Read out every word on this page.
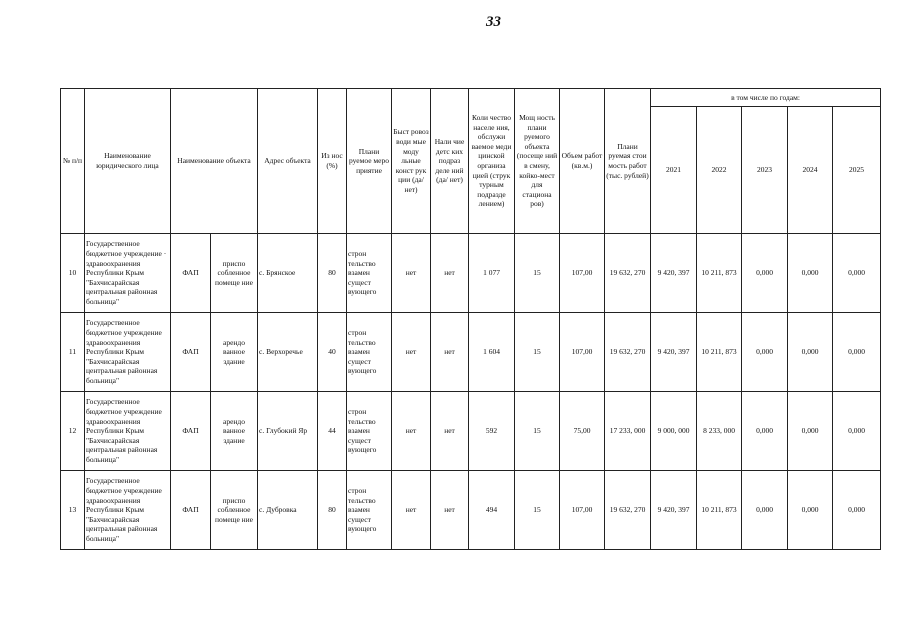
33
№ п/п	Наименование юридического лица	Наименование объекта		Адрес объекта	Из нос (%)	Плани руемое меро приятие	Быст ровоз води мые моду льные конст рук ции (да/ нет)	Нали чие детс ких подраз деле ний (да/ нет)	Коли чество населе ния, обслужи ваемое меди цинской организа цией (струк турным подразде лением)	Мощ ность плани руемого объекта (посеще ний в смену, койко-мест для стациона ров)	Объем работ (кв.м.)	Плани руемая стои мость работ (тыс. рублей)	в том числе по годам:				
													2021	2022	2023	2024	2025
10	Государственное бюджетное учреждение · здравоохранения Республики Крым "Бахчисарайская центральная районная больница"	ФАП	приспо собленное помеще ние	с. Брянское	80	строн тельство взамен сущест вующего	нет	нет	1 077	15	107,00	19 632, 270	9 420, 397	10 211, 873	0,000	0,000	0,000
11	Государственное бюджетное учреждение здравоохранения Республики Крым "Бахчисарайская центральная районная больница"	ФАП	арендо ванное здание	с. Верхоречье	40	строн тельство взамен сущест вующего	нет	нет	1 604	15	107,00	19 632, 270	9 420, 397	10 211, 873	0,000	0,000	0,000
12	Государственное бюджетное учреждение здравоохранения Республики Крым "Бахчисарайская центральная районная больница"	ФАП	арендо ванное здание	с. Глубокий Яр	44	строн тельство взамен сущест вующего	нет	нет	592	15	75,00	17 233, 000	9 000, 000	8 233, 000	0,000	0,000	0,000
13	Государственное бюджетное учреждение здравоохранения Республики Крым "Бахчисарайская центральная районная больница"	ФАП	приспо собленное помеще ние	с. Дубровка	80	строн тельство взамен сущест вующего	нет	нет	494	15	107,00	19 632, 270	9 420, 397	10 211, 873	0,000	0,000	0,000
